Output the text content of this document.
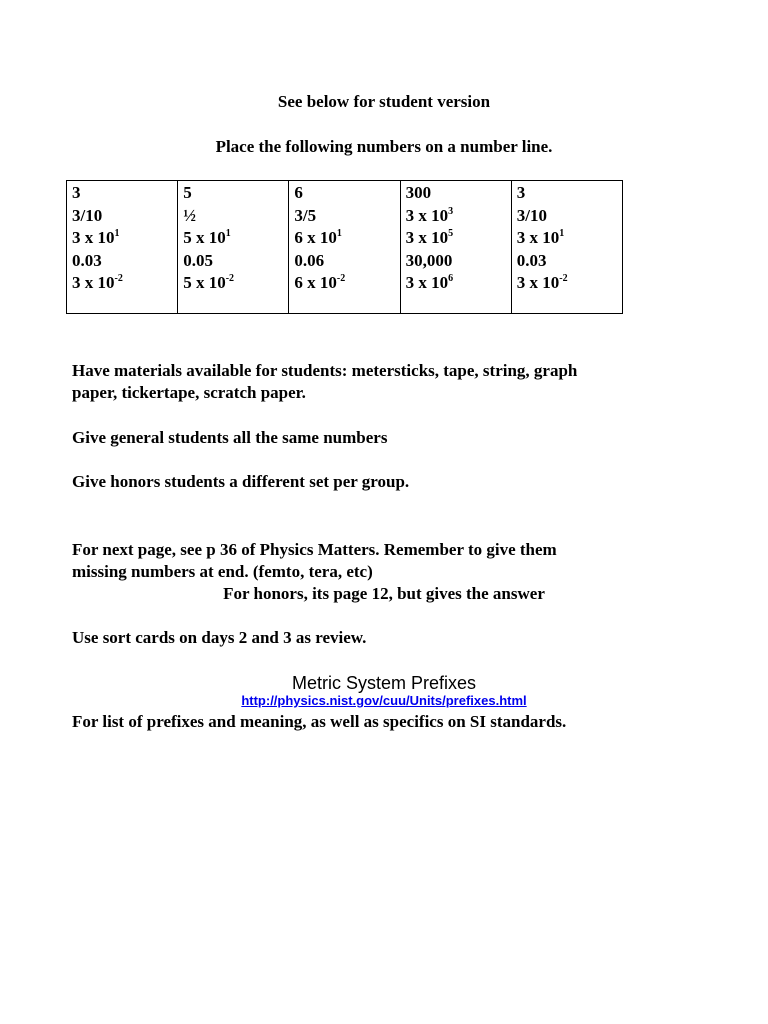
See below for student version
Place the following numbers on a number line.
3
3/10
3 x $10^1$
0.03
3 x $10^{-2}$

5
½
5 x $10^1$
0.05
5 x $10^{-2}$

6
3/5
6 x $10^1$
0.06
6 x $10^{-2}$

300
3 x $10^3$
3 x $10^5$
30,000
3 x $10^6$

3
3/10
3 x $10^1$
0.03
3 x $10^{-2}$
Have materials available for students: metersticks, tape, string, graph
paper, tickertape, scratch paper.
Give general students all the same numbers
Give honors students a different set per group.
For next page, see p 36 of Physics Matters. Remember to give them
missing numbers at end. (femto, tera, etc)
For honors, its page 12, but gives the answer
Use sort cards on days 2 and 3 as review.
Metric System Prefixes
http://physics.nist.gov/cuu/Units/prefixes.html
For list of prefixes and meaning, as well as specifics on SI standards.
